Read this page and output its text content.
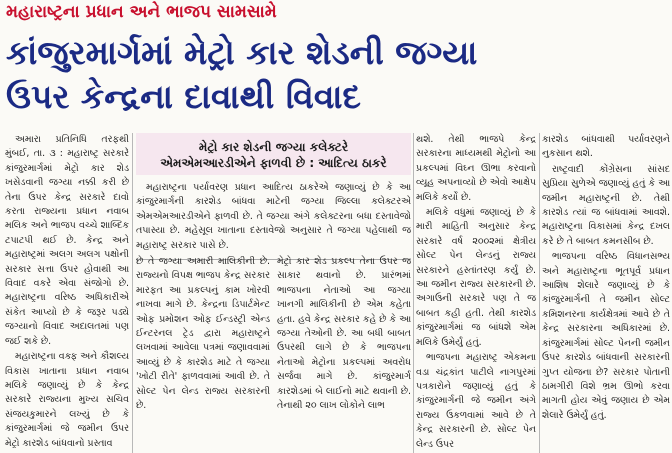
મહારાષ્ટ્રના પ્રધાન અને ભાજપ સામસામે
કાંજુરમાર્ગમાં મેટ્રો કાર શેડની જગ્યા
ઉપર કેન્દ્રના દાવાથી વિવાદ

અમારા પ્રતિનિધિ તરફથી મુંબઈ, તા. ૩ : મહારાષ્ટ્ર સરકારે કાંજુરમાર્ગમાં મેટ્રો કાર શેડ ખસેડવાની જગ્યા નક્કી કરી છે તેના ઉપર કેન્દ્ર સરકારે દાવો કરતા રાજ્યના પ્રધાન નવાબ મલિક અને ભાજપ વચ્ચે શાબ્દિક ટપાટપી થઈ છે. કેન્દ્ર અને મહારાષ્ટ્રમાં અલગ અલગ પક્ષોની સરકાર સત્તા ઉપર હોવાથી આ વિવાદ વકરે એવા સંજોગો છે. મહારાષ્ટ્રના વરિષ્ઠ અધિકારીએ સંકેત આપ્યો છે કે જરૂર પડ્યે જગ્યાનો વિવાદ અદાલતમાં પણ જઈ શકે છે.

મહારાષ્ટ્રના વક્ફ અને કૌશલ્ય વિકાસ ખાતાના પ્રધાન નવાબ મલિકે જણાવ્યું છે કે કેન્દ્ર સરકારે રાજ્યના મુખ્ય સચિવ સંજયકુમારને લખ્યું છે કે કાંજુરમાર્ગમાં જે જમીન ઉપર મેટ્રો કારશેડ બાંધવાનો પ્રસ્તાવ

મેટ્રો કાર શેડની જગ્યા કલેક્ટરે
એમએમઆરડીએને ફાળવી છે : આદિત્ય ઠાકરે

મહારાષ્ટ્રના પર્યાવરણ પ્રધાન આદિત્ય ઠાકરેએ જણાવ્યું છે કે આ કાંજુરમાર્ગની કારશેડ બાંધવા માટેની જગ્યા જિલ્લા કલેક્ટરએ એમએમઆરડીએને ફાળવી છે. તે જગ્યા અંગે કલેક્ટરના બધા દસ્તાવેજો તપાસ્યા છે. મહેસૂલ ખાતાના દસ્તાવેજો અનુસાર તે જગ્યા પહેલાથી જ મહારાષ્ટ્ર સરકાર પાસે છે.

છે તે જગ્યા અમારી માલિકીની છે. રાજ્યનો વિપક્ષ ભાજપ કેન્દ્ર સરકાર મારફત આ પ્રકલ્પનું કામ ખોરવી નાખવા માગે છે. કેન્દ્રના ડિપાર્ટમેન્ટ ઓફ પ્રમોશન ઓફ ઈન્ડસ્ટ્રી એન્ડ ઈન્ટરનલ ટ્રેડ દ્વારા મહારાષ્ટ્રને લખવામાં આવેલા પત્રમાં જણાવવામાં આવ્યું છે કે કારશેડ માટે તે જગ્યા 'ખોટી રીતે' ફાળવવામાં આવી છે. તે સોલ્ટ પેન લેન્ડ રાજ્ય સરકારની છે.

મેટ્રો કાર શેડ પ્રકલ્પ તેના ઉપર જ સાકાર થવાનો છે. પ્રારંભમાં ભાજપના નેતાઓ આ જગ્યા ખાનગી માલિકીની છે એમ કહેતા હતા. હવે કેન્દ્ર સરકાર કહે છે કે આ જગ્યા તેઓની છે. આ બધી બાબત ઉપરથી લાગે છે કે ભાજપના નેતાઓ મેટ્રોના પ્રકલ્પમાં અવરોધ સર્જવા માગે છે. કાંજુરમાર્ગ કારશેડમાં બે લાઈનો માટે થવાની છે. તેનાથી ૨૦ લાખ લોકોને લાભ

થશે. તેથી ભાજપે કેન્દ્ર સરકારના માધ્યમથી મેટ્રોનો આ પ્રકલ્પમાં વિઘ્ન ઊભા કરવાનો વ્યૂહ અપનાવ્યો છે એવો આક્ષેપ મલિકે કર્યો છે.

મલિકે વધુમાં જણાવ્યું છે કે મારી માહિતી અનુસાર કેન્દ્ર સરકારે વર્ષ ૨૦૦૨માં ક્ષેત્રીય સોલ્ટ પેન લેન્ડનું રાજ્ય સરકારને હસ્તાંતરણ કર્યું છે. આ જમીન રાજ્ય સરકારની છે. અગાઉની સરકારે પણ તે જ બાબત કહી હતી. તેથી કારશેડ કાંજુરમાર્ગમાં જ બાંધશે એમ મલિકે ઉમેર્યું હતું.

ભાજપના મહારાષ્ટ્ર એકમના વડા ચંદ્રકાંત પાટીલે નાગપુરમાં પત્રકારોને જણાવ્યું હતું કે કાંજુરમાર્ગની જે જમીન અંગે રાજ્ય ઉકળવામાં આવે છે તે કેન્દ્ર સરકારની છે. સોલ્ટ પેન લેન્ડ ઉપર

કારશેડ બાંધવાથી પર્યાવરણને નુકસાન થશે.

રાષ્ટ્રવાદી કોંગ્રેસના સાંસદ સુપ્રિયા સુળેએ જણાવ્યું હતું કે આ જમીન મહારાષ્ટ્રની છે. તેથી કારશેડ ત્યાં જ બાંધવામાં આવશે. મહારાષ્ટ્રના વિકાસમાં કેન્દ્ર દખલ કરે છે તે બાબત કમનસીબ છે.

ભાજપના વરિષ્ઠ વિધાનસભ્ય અને મહારાષ્ટ્રના ભૂતપૂર્વ પ્રધાન આશિષ શેલારે જણાવ્યું છે કે કાંજુરમાર્ગની તે જમીન સોલ્ટ કમિશનરના કાર્યક્ષેત્રમાં આવે છે તે કેન્દ્ર સરકારના અધિકારમાં છે. કાંજુરમાર્ગમાં સોલ્ટ પેનની જમીન ઉપર કારશેડ બાંધવાની સરકારની ગુપ્ત યોજના છે? સરકાર પોતાની ઠામગીરી વિશે ભ્રમ ઊભો કરવા માગતી હોય એવું જણાય છે એમ શેલારે ઉમેર્યું હતું.
